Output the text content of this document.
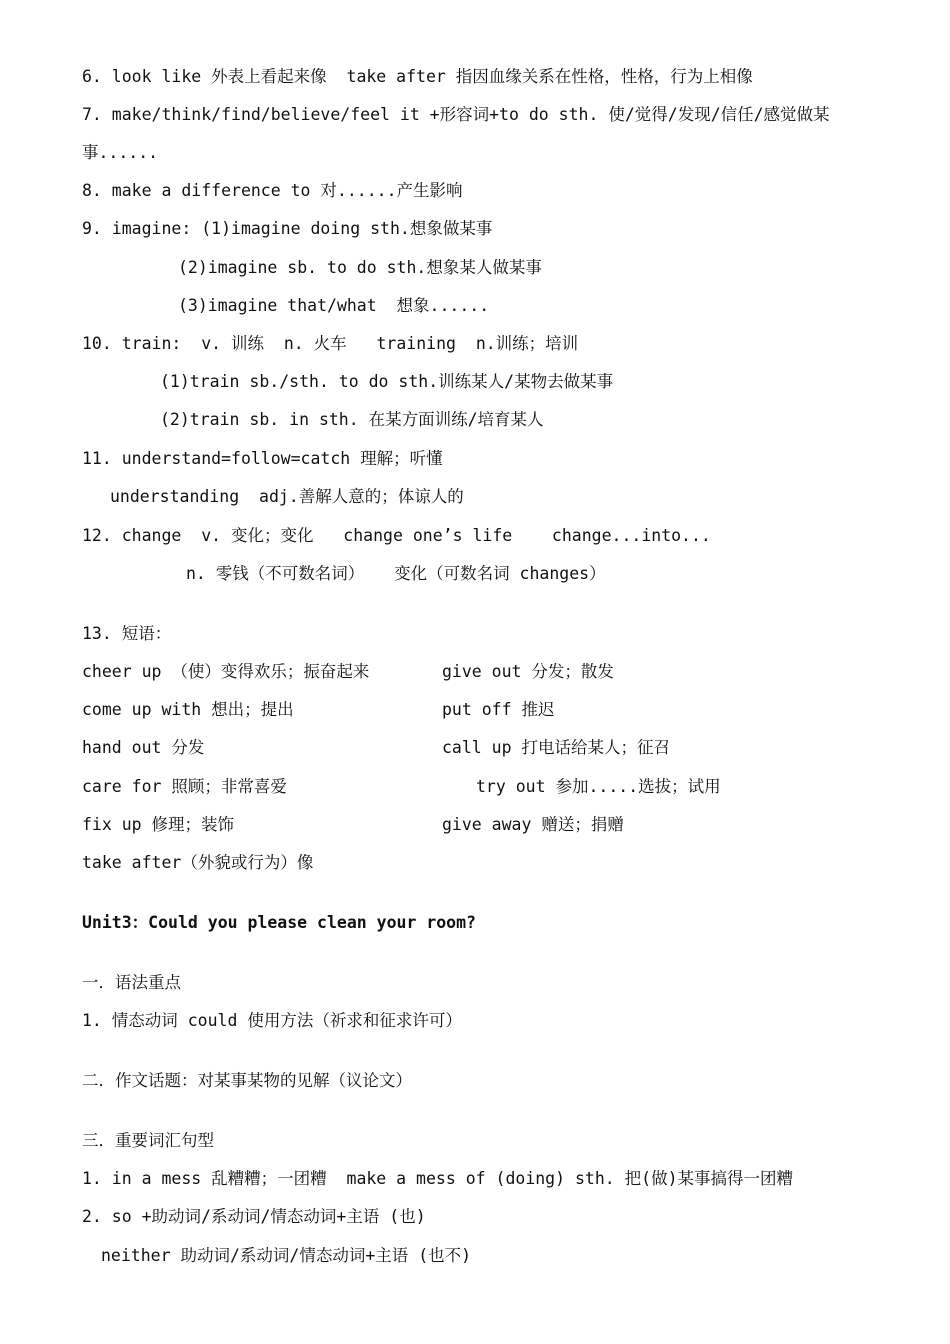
6. look like 外表上看起来像  take after 指因血缘关系在性格，性格，行为上相像
7. make/think/find/believe/feel it +形容词+to do sth. 使/觉得/发现/信任/感觉做某
事......
8. make a difference to 对......产生影响
9. imagine: (1)imagine doing sth.想象做某事
(2)imagine sb. to do sth.想象某人做某事
(3)imagine that/what  想象......
10. train:  v. 训练  n. 火车   training  n.训练；培训
(1)train sb./sth. to do sth.训练某人/某物去做某事
(2)train sb. in sth. 在某方面训练/培育某人
11. understand=follow=catch 理解；听懂
understanding  adj.善解人意的；体谅人的
12. change  v. 变化；变化   change one’s life    change...into...
n. 零钱（不可数名词）   变化（可数名词 changes）
13. 短语：

cheer up （使）变得欢乐；振奋起来

	give out 分发；散发

come up with 想出；提出

	put off 推迟

hand out 分发

	call up 打电话给某人；征召

care for 照顾；非常喜爱

	try out 参加.....选拔；试用

fix up 修理；装饰

	give away 赠送；捐赠

take after（外貌或行为）像

Unit3：Could you please clean your room?
一．语法重点
1. 情态动词 could 使用方法（祈求和征求许可）
二．作文话题：对某事某物的见解（议论文）
三．重要词汇句型
1. in a mess 乱糟糟；一团糟  make a mess of (doing) sth. 把(做)某事搞得一团糟
2. so +助动词/系动词/情态动词+主语 (也)
neither 助动词/系动词/情态动词+主语 (也不)
